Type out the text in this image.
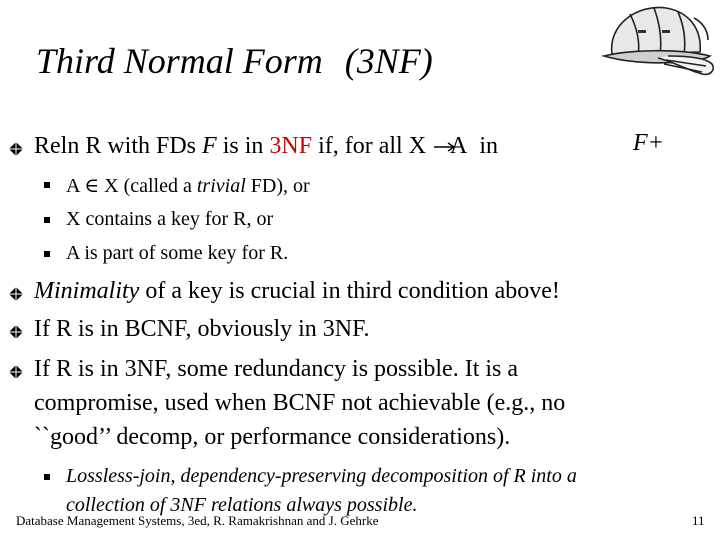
Third Normal Form (3NF)
Reln R with FDs F is in 3NF if, for all X A in	F+
A ∈ X (called a trivial FD), or
X contains a key for R, or
A is part of some key for R.
Minimality of a key is crucial in third condition above!
If R is in BCNF, obviously in 3NF.
If R is in 3NF, some redundancy is possible. It is a
compromise, used when BCNF not achievable (e.g., no
``good’’ decomp, or performance considerations).
Lossless-join, dependency-preserving decomposition of R into a
collection of 3NF relations always possible.
Database Management Systems, 3ed, R. Ramakrishnan and J. Gehrke	11
